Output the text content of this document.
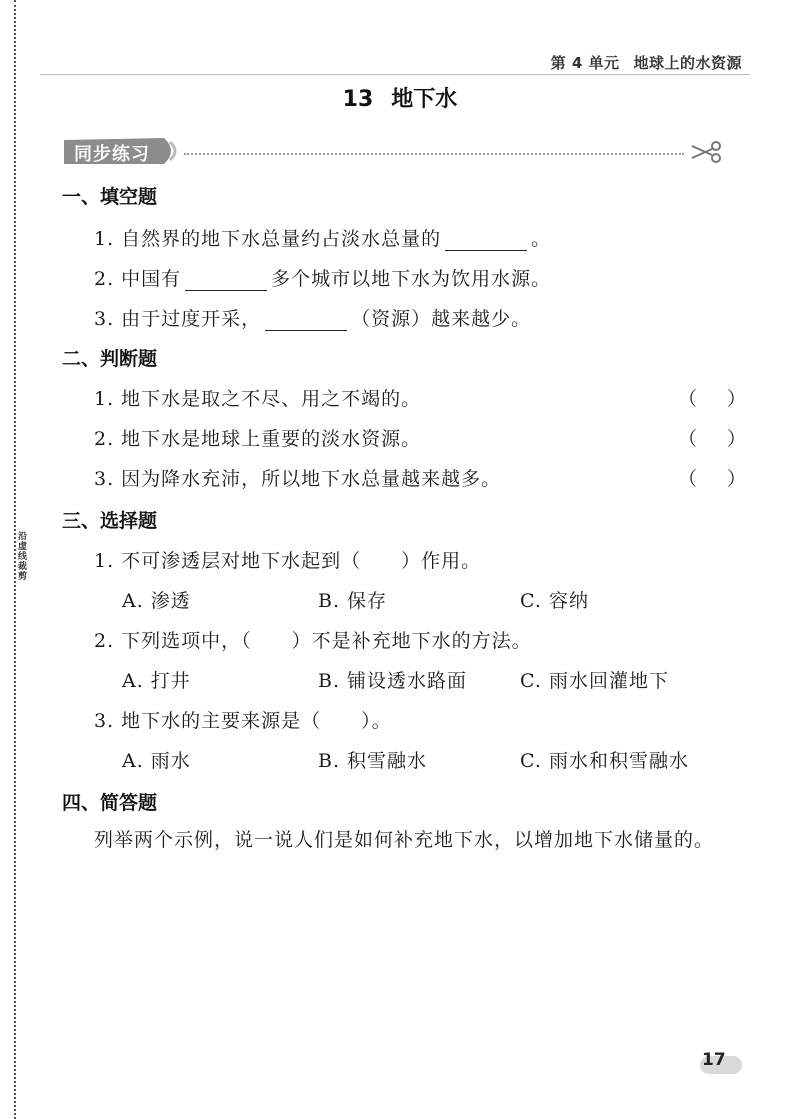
沿虚线裁剪
第 4 单元 地球上的水资源
13 地下水
同步练习
一、填空题
1. 自然界的地下水总量约占淡水总量的	。
2. 中国有	多个城市以地下水为饮用水源。
3. 由于过度开采，	（资源）越来越少。
二、判断题
1. 地下水是取之不尽、用之不竭的。	（ ）
2. 地下水是地球上重要的淡水资源。	（ ）
3. 因为降水充沛，所以地下水总量越来越多。	（ ）
三、选择题
1. 不可渗透层对地下水起到（　　）作用。
A. 渗透	B. 保存	C. 容纳
2. 下列选项中，（　　）不是补充地下水的方法。
A. 打井	B. 铺设透水路面	C. 雨水回灌地下
3. 地下水的主要来源是（　　）。
A. 雨水	B. 积雪融水	C. 雨水和积雪融水
四、简答题
列举两个示例，说一说人们是如何补充地下水，以增加地下水储量的。
17
